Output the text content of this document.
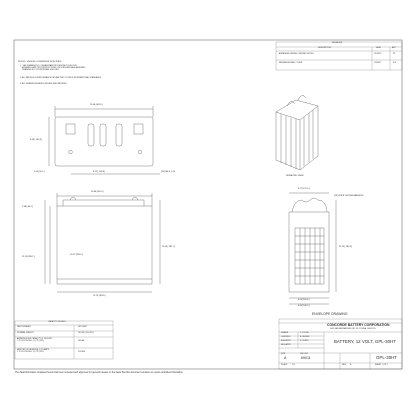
NOTES: UNLESS OTHERWISE SPECIFIED
1.  SEE DRAWING NO. CB-BAM MAIN PROCEDURE P-1000 FOR
ASSEMBLY AND TEST INSTRUCTIONS, PROCEDURES AND ASSEMBLY
DRAWING NO. FOR INTERNAL USE ONLY
2. ALL RATINGS & PERFORMANCE PER BATTERY COUNCIL INTERNATIONAL STANDARDS
3. ALL DIMENSIONS ARE IN INCHES (MILLIMETERS)
REVISIONS
DESCRIPTION	DATE	APP
ARRANGED WIRING, REVISED NOTES	12/16/13	RT
REDIMENSIONED COVER	11/28/17	RJL
13.46 [341.9 ]
6.69 [ 169.9 ]
1.65 [41.9 ]	6.25 [ 158.8 ]	(2X) M6 X 1.25
13.46 [341.9 ]
2.38 [ 60.5 ]
11.15 [283.2 ]
10.17 [258.3 ]
11.09 [ 281.7 ]
12.75 [323.9 ]
ISOMETRIC VIEW
6.77 [172.0 ]
(2X) ROPE LIFTING HANDLES
11.15 [ 283.2 ]
6.52 [165.6 ]
6.69 [169.9 ]
CAPACITY DETAILS
PART NUMBER	GPL-30HT
NOMINAL WEIGHT	70 LBS [ 31.8 KG ]
AMPERE HOUR CAPACITY @ 20 HOUR
1.75 VOLTS/CELL @ 77F (25C)	100 AH
MINUTES OF RESERVE @ 25 AMPS
1.75 VOLTS/CELL @ 77F (25C)	210 MIN
ENVELOPE DRAWING
CONCORDE BATTERY CORPORATION
2009 SAN BERNARDINO RD. W. COVINA, CA 91790
DRAWN	J.T. FORD
CHECKED	E. SHIVER
ENG APPR	K. PERRY
MFG APPR
BATTERY, 12 VOLT, GPL-30HT
SIZE
A
DWG NO.
69011	GPL-30HT
SCALE	1:8	REV B	SHEET 1 OF 1
The data/information contained herein has been reviewed and approved for general release on the basis that this document contains no export-controlled information.
